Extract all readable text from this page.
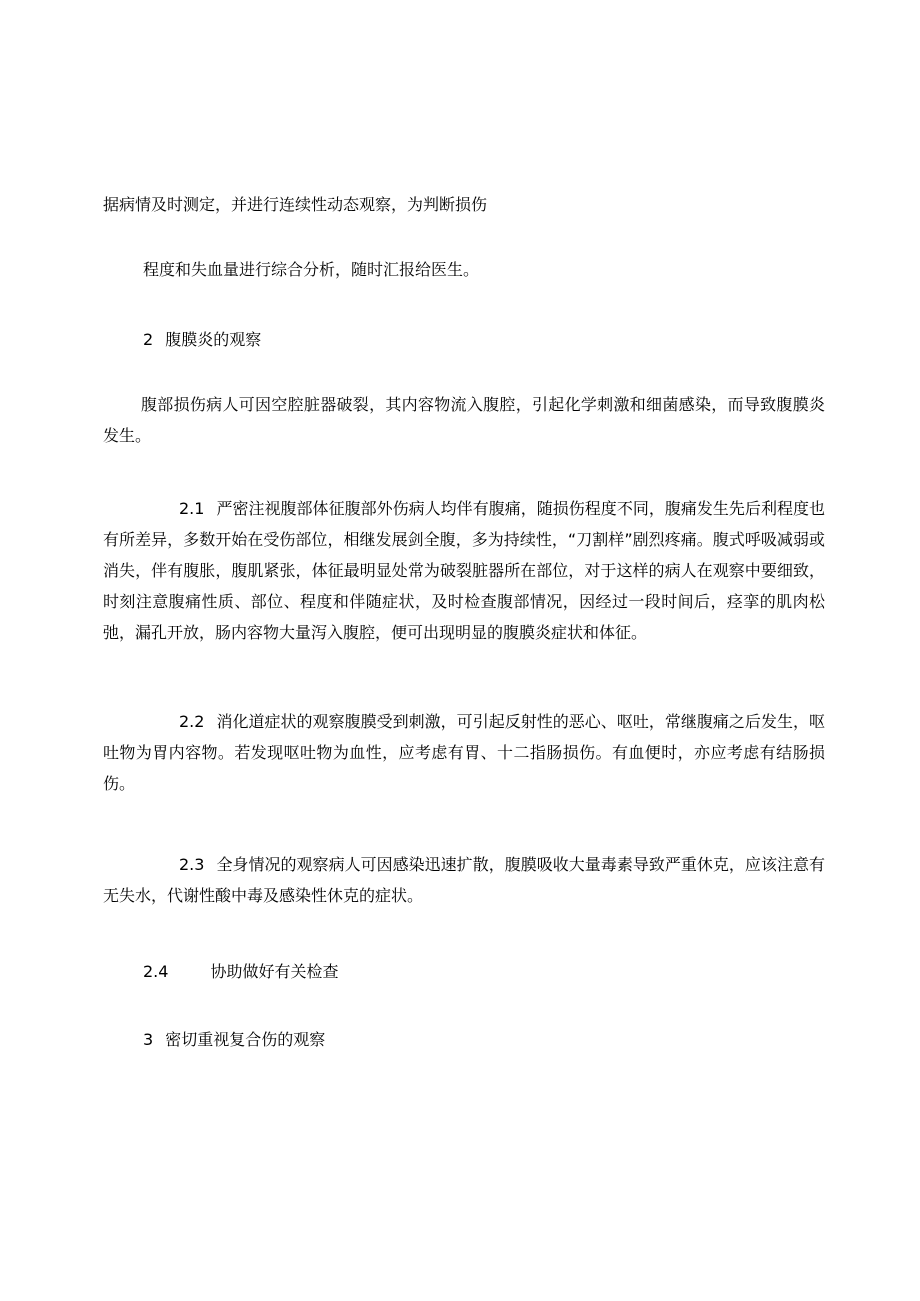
据病情及时测定，并进行连续性动态观察，为判断损伤
程度和失血量进行综合分析，随时汇报给医生。
2 腹膜炎的观察
腹部损伤病人可因空腔脏器破裂，其内容物流入腹腔，引起化学刺激和细菌感染，而导致腹膜炎发生。
2.1 严密注视腹部体征腹部外伤病人均伴有腹痛，随损伤程度不同，腹痛发生先后利程度也有所差异，多数开始在受伤部位，相继发展剑全腹，多为持续性，“刀割样”剧烈疼痛。腹式呼吸减弱或消失，伴有腹胀，腹肌紧张，体征最明显处常为破裂脏器所在部位，对于这样的病人在观察中要细致，时刻注意腹痛性质、部位、程度和伴随症状，及时检查腹部情况，因经过一段时间后，痉挛的肌肉松弛，漏孔开放，肠内容物大量泻入腹腔，便可出现明显的腹膜炎症状和体征。
2.2 消化道症状的观察腹膜受到刺激，可引起反射性的恶心、呕吐，常继腹痛之后发生，呕吐物为胃内容物。若发现呕吐物为血性，应考虑有胃、十二指肠损伤。有血便时，亦应考虑有结肠损伤。
2.3 全身情况的观察病人可因感染迅速扩散，腹膜吸收大量毒素导致严重休克，应该注意有无失水，代谢性酸中毒及感染性休克的症状。
2.4	协助做好有关检查
3 密切重视复合伤的观察
